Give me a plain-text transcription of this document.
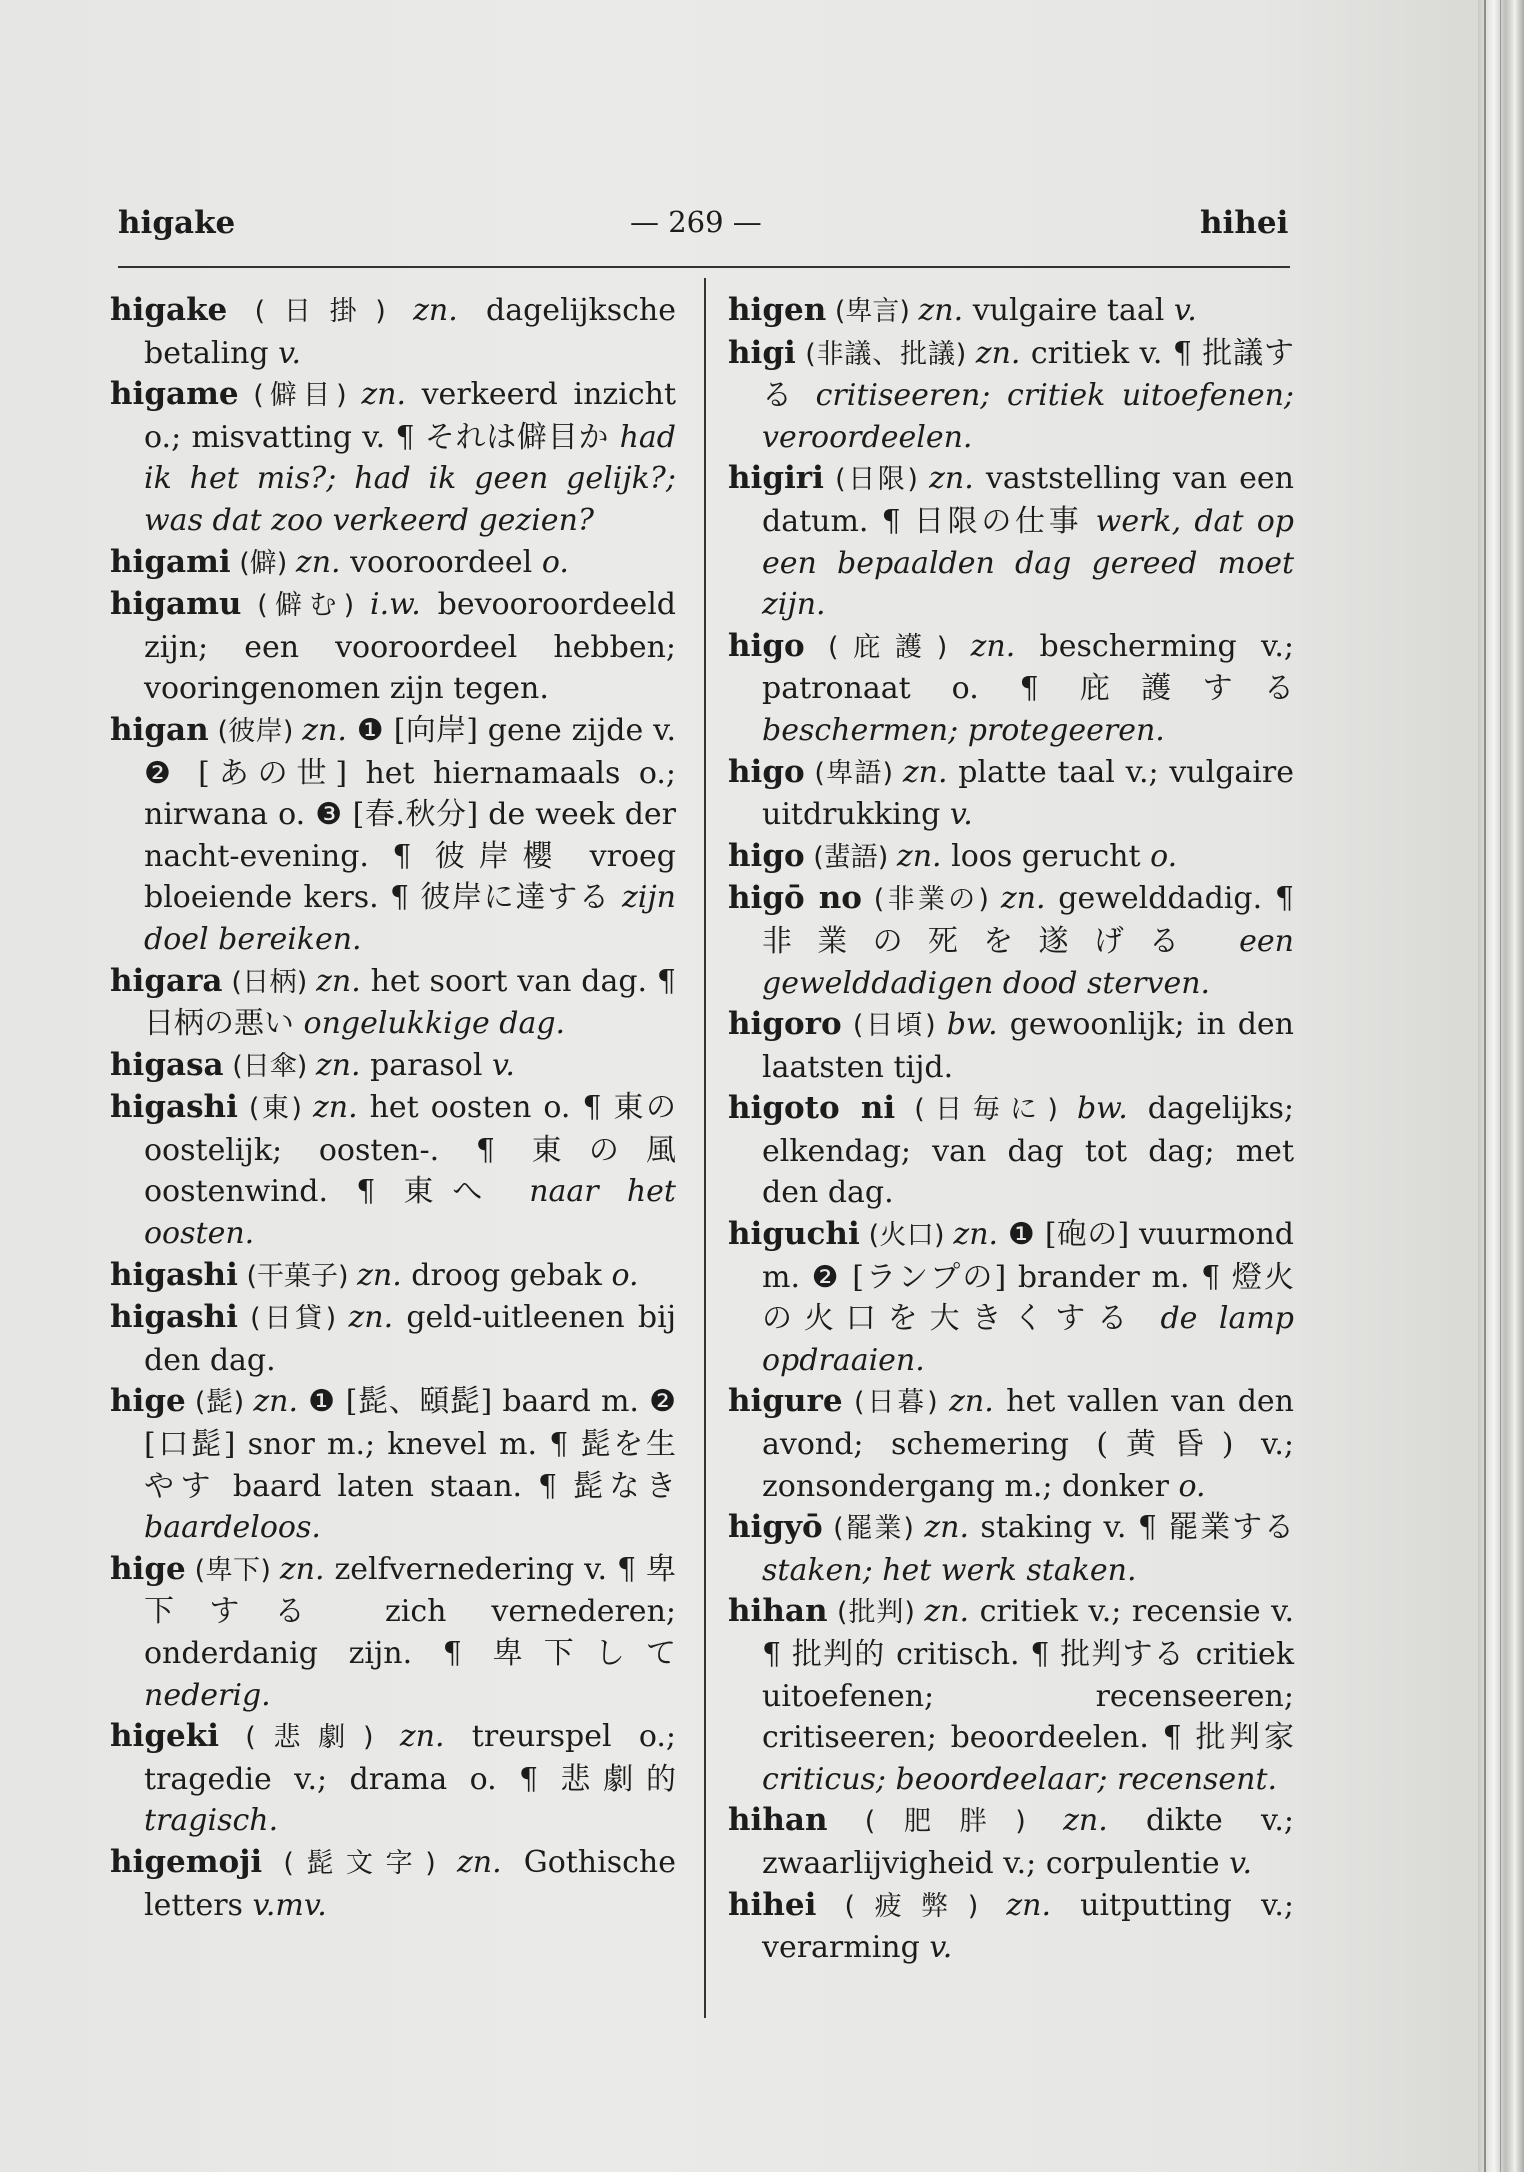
higake	— 269 —	hihei

higake (日掛) zn. dagelijksche betaling v.

higame (僻目) zn. verkeerd inzicht o.; misvatting v. ¶ それは僻目か had ik het mis?; had ik geen gelijk?; was dat zoo verkeerd gezien?

higami (僻) zn. vooroordeel o.

higamu (僻む) i.w. bevooroordeeld zijn; een vooroordeel hebben; vooringenomen zijn tegen.

higan (彼岸) zn. ❶ [向岸] gene zijde v. ❷ [あの世] het hiernamaals o.; nirwana o. ❸ [春.秋分] de week der nacht-evening. ¶ 彼岸櫻 vroeg bloeiende kers. ¶ 彼岸に達する zijn doel bereiken.

higara (日柄) zn. het soort van dag. ¶ 日柄の悪い ongelukkige dag.

higasa (日傘) zn. parasol v.

higashi (東) zn. het oosten o. ¶ 東の oostelijk; oosten-. ¶ 東の風 oostenwind. ¶ 東へ naar het oosten.

higashi (干菓子) zn. droog gebak o.

higashi (日貸) zn. geld-uitleenen bij den dag.

hige (髭) zn. ❶ [髭、頤髭] baard m. ❷ [口髭] snor m.; knevel m. ¶ 髭を生やす baard laten staan. ¶ 髭なき baardeloos.

hige (卑下) zn. zelfvernedering v. ¶ 卑下する zich vernederen; onderdanig zijn. ¶ 卑下して nederig.

higeki (悲劇) zn. treurspel o.; tragedie v.; drama o. ¶ 悲劇的 tragisch.

higemoji (髭文字) zn. Gothische letters v.mv.

higen (卑言) zn. vulgaire taal v.

higi (非議、批議) zn. critiek v. ¶ 批議する critiseeren; critiek uitoefenen; veroordeelen.

higiri (日限) zn. vaststelling van een datum. ¶ 日限の仕事 werk, dat op een bepaalden dag gereed moet zijn.

higo (庇護) zn. bescherming v.; patronaat o. ¶ 庇護する beschermen; protegeeren.

higo (卑語) zn. platte taal v.; vulgaire uitdrukking v.

higo (蜚語) zn. loos gerucht o.

higō no (非業の) zn. gewelddadig. ¶ 非業の死を遂げる een gewelddadigen dood sterven.

higoro (日頃) bw. gewoonlijk; in den laatsten tijd.

higoto ni (日毎に) bw. dagelijks; elkendag; van dag tot dag; met den dag.

higuchi (火口) zn. ❶ [砲の] vuurmond m. ❷ [ランプの] brander m. ¶ 燈火の火口を大きくする de lamp opdraaien.

higure (日暮) zn. het vallen van den avond; schemering (黄昏) v.; zonsondergang m.; donker o.

higyō (罷業) zn. staking v. ¶ 罷業する staken; het werk staken.

hihan (批判) zn. critiek v.; recensie v. ¶ 批判的 critisch. ¶ 批判する critiek uitoefenen; recenseeren; critiseeren; beoordeelen. ¶ 批判家 criticus; beoordeelaar; recensent.

hihan (肥胖) zn. dikte v.; zwaarlijvigheid v.; corpulentie v.

hihei (疲弊) zn. uitputting v.; verarming v.
